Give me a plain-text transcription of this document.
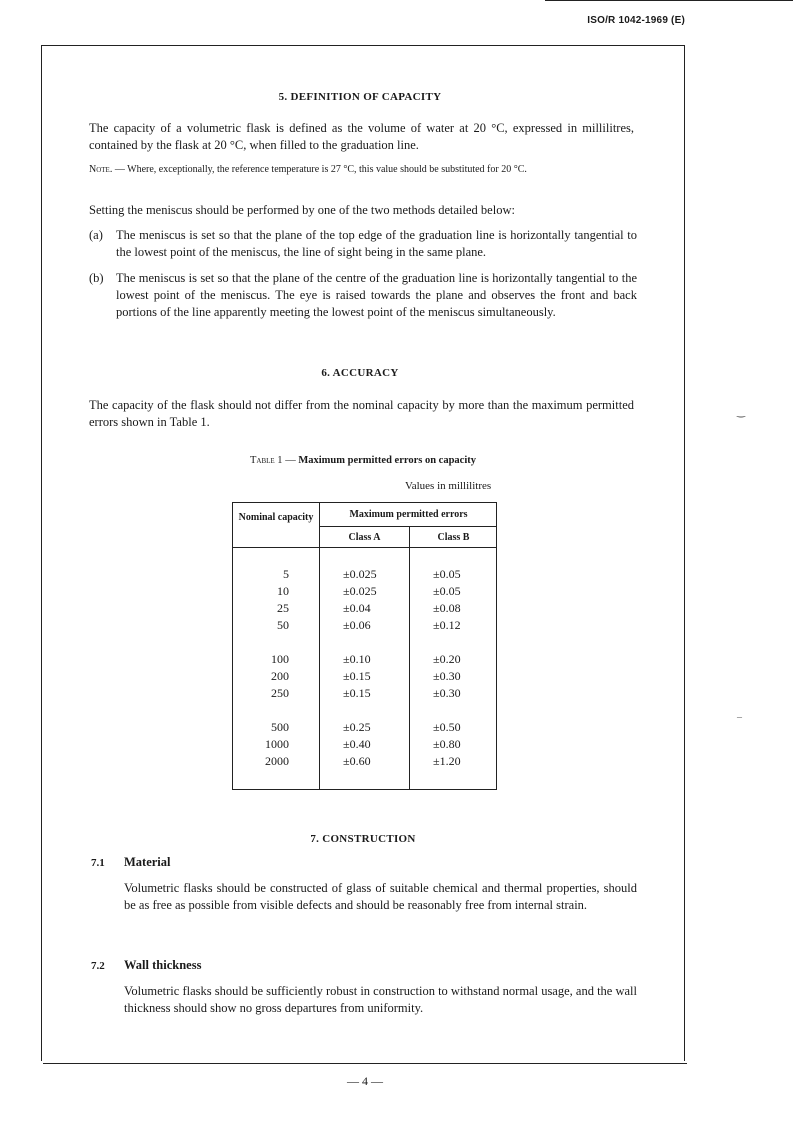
ISO/R 1042-1969 (E)
5. DEFINITION OF CAPACITY
The capacity of a volumetric flask is defined as the volume of water at 20 °C, expressed in millilitres, contained by the flask at 20 °C, when filled to the graduation line.
Note. — Where, exceptionally, the reference temperature is 27 °C, this value should be substituted for 20 °C.
Setting the meniscus should be performed by one of the two methods detailed below:
(a) The meniscus is set so that the plane of the top edge of the graduation line is horizontally tangential to the lowest point of the meniscus, the line of sight being in the same plane.
(b) The meniscus is set so that the plane of the centre of the graduation line is horizontally tangential to the lowest point of the meniscus. The eye is raised towards the plane and observes the front and back portions of the line apparently meeting the lowest point of the meniscus simultaneously.
6. ACCURACY
The capacity of the flask should not differ from the nominal capacity by more than the maximum permitted errors shown in Table 1.
‿
–
Table 1 — Maximum permitted errors on capacity
Values in millilitres
Nominal capacity	Maximum permitted errors
Class A	Class B
5	±0.025	±0.05
10	±0.025	±0.05
25	±0.04	±0.08
50	±0.06	±0.12
100	±0.10	±0.20
200	±0.15	±0.30
250	±0.15	±0.30
500	±0.25	±0.50
1000	±0.40	±0.80
2000	±0.60	±1.20
7. CONSTRUCTION
7.1 Material
Volumetric flasks should be constructed of glass of suitable chemical and thermal properties, should be as free as possible from visible defects and should be reasonably free from internal strain.
7.2 Wall thickness
Volumetric flasks should be sufficiently robust in construction to withstand normal usage, and the wall thickness should show no gross departures from uniformity.
— 4 —
